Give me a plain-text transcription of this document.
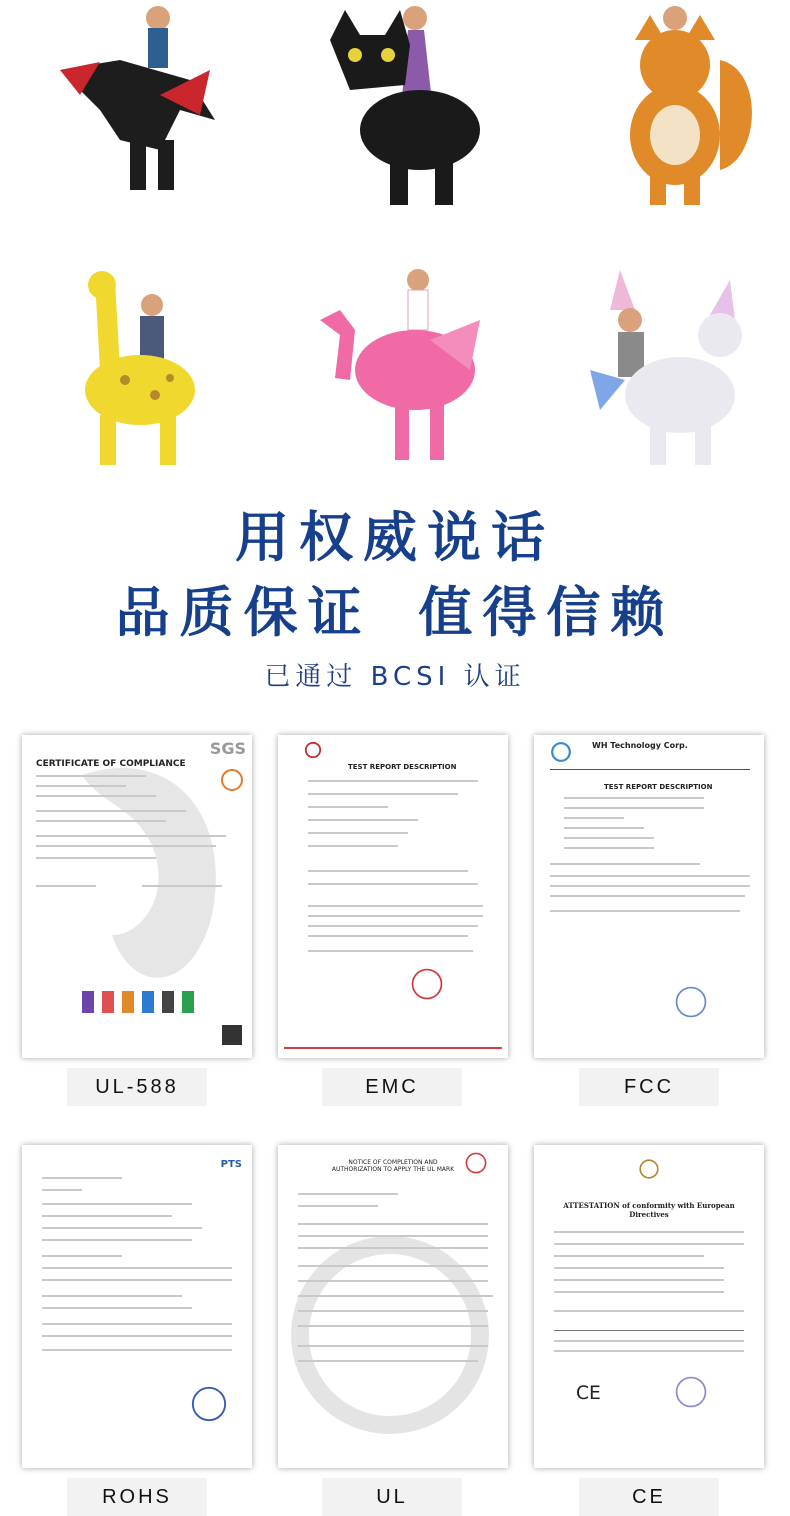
用权威说话
品质保证 值得信赖
已通过 BCSI 认证
SGS
CERTIFICATE OF COMPLIANCE
UL-588
TEST REPORT DESCRIPTION
EMC
WH Technology Corp.
TEST REPORT DESCRIPTION
FCC
PTS
ROHS
NOTICE OF COMPLETION AND AUTHORIZATION TO APPLY THE UL MARK
UL
ATTESTATION of conformity with European Directives
CE
CE
